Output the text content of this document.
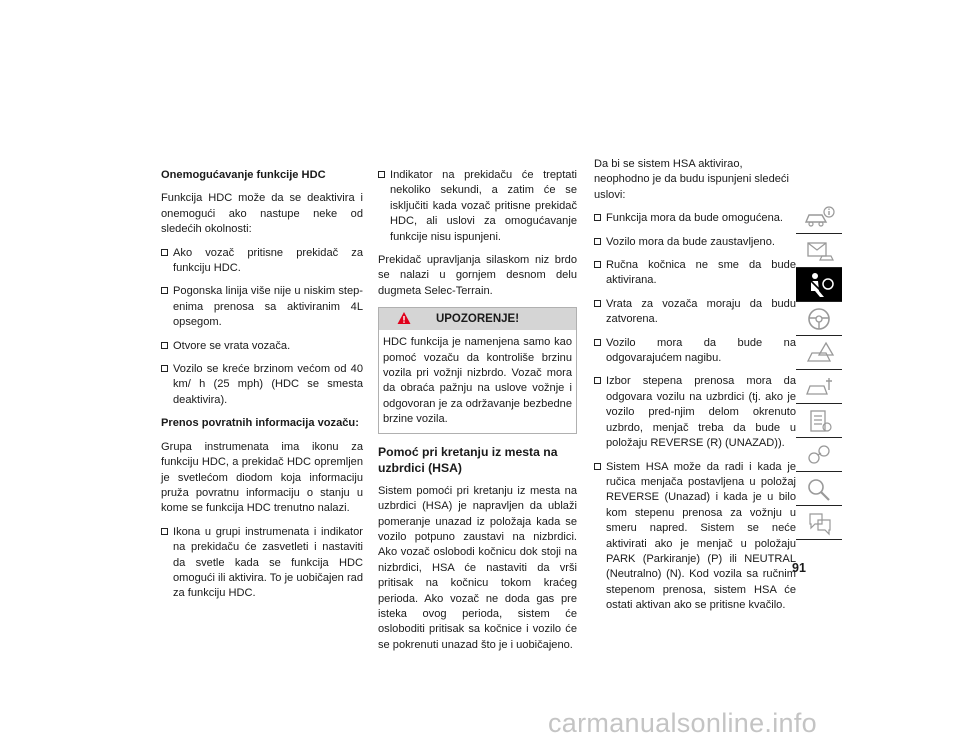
Onemogućavanje funkcije HDC

Funkcija HDC može da se deaktivira i onemogući ako nastupe neke od sledećih okolnosti:

Ako vozač pritisne prekidač za funkciju HDC.
Pogonska linija više nije u niskim step-enima prenosa sa aktiviranim 4L opsegom.
Otvore se vrata vozača.
Vozilo se kreće brzinom većom od 40 km/ h (25 mph) (HDC se smesta deaktivira).
Prenos povratnih informacija vozaču:

Grupa instrumenata ima ikonu za funkciju HDC, a prekidač HDC opremljen je svetlećom diodom koja informaciju pruža povratnu informaciju o stanju u kome se funkcija HDC trenutno nalazi.

Ikona u grupi instrumenata i indikator na prekidaču će zasvetleti i nastaviti da svetle kada se funkcija HDC omogući ili aktivira. To je uobičajen rad za funkciju HDC.
Indikator na prekidaču će treptati nekoliko sekundi, a zatim će se isključiti kada vozač pritisne prekidač HDC, ali uslovi za omogućavanje funkcije nisu ispunjeni.

Prekidač upravljanja silaskom niz brdo se nalazi u gornjem desnom delu dugmeta Selec-Terrain.

UPOZORENJE!
HDC funkcija je namenjena samo kao pomoć vozaču da kontroliše brzinu vozila pri vožnji nizbrdo. Vozač mora da obraća pažnju na uslove vožnje i odgovoran je za održavanje bezbedne brzine vozila.
Pomoć pri kretanju iz mesta na uzbrdici (HSA)

Sistem pomoći pri kretanju iz mesta na uzbrdici (HSA) je napravljen da ublaži pomeranje unazad iz položaja kada se vozilo potpuno zaustavi na nizbrdici. Ako vozač oslobodi kočnicu dok stoji na nizbrdici, HSA će nastaviti da vrši pritisak na kočnicu tokom kraćeg perioda. Ako vozač ne doda gas pre isteka ovog perioda, sistem će osloboditi pritisak sa kočnice i vozilo će se pokrenuti unazad što je i uobičajeno.

Da bi se sistem HSA aktivirao, neophodno je da budu ispunjeni sledeći uslovi:

Funkcija mora da bude omogućena.
Vozilo mora da bude zaustavljeno.
Ručna kočnica ne sme da bude aktivirana.
Vrata za vozača moraju da budu zatvorena.
Vozilo mora da bude na odgovarajućem nagibu.
Izbor stepena prenosa mora da odgovara vozilu na uzbrdici (tj. ako je vozilo pred-njim delom okrenuto uzbrdo, menjač treba da bude u položaju REVERSE (R) (UNAZAD)).
Sistem HSA može da radi i kada je ručica menjača postavljena u položaj REVERSE (Unazad) i kada je u bilo kom stepenu prenosa za vožnju u smeru napred. Sistem se neće aktivirati ako je menjač u položaju PARK (Parkiranje) (P) ili NEUTRAL (Neutralno) (N). Kod vozila sa ručnim stepenom prenosa, sistem HSA će ostati aktivan ako se pritisne kvačilo.
91
carmanualsonline.info
